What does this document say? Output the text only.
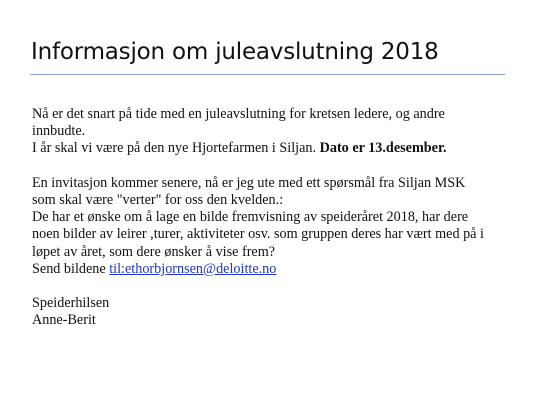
Informasjon om juleavslutning 2018
Nå er det snart på tide med en juleavslutning for kretsen ledere, og andre
innbudte.
I år skal vi være på den nye Hjortefarmen i Siljan. Dato er 13.desember.
En invitasjon kommer senere, nå er jeg ute med ett spørsmål fra Siljan MSK
som skal være "verter" for oss den kvelden.:
De har et ønske om å lage en bilde fremvisning av speideråret 2018, har dere
noen bilder av leirer ,turer, aktiviteter osv. som gruppen deres har vært med på i
løpet av året, som dere ønsker å vise frem?
Send bildene til:ethorbjornsen@deloitte.no
Speiderhilsen
Anne-Berit
